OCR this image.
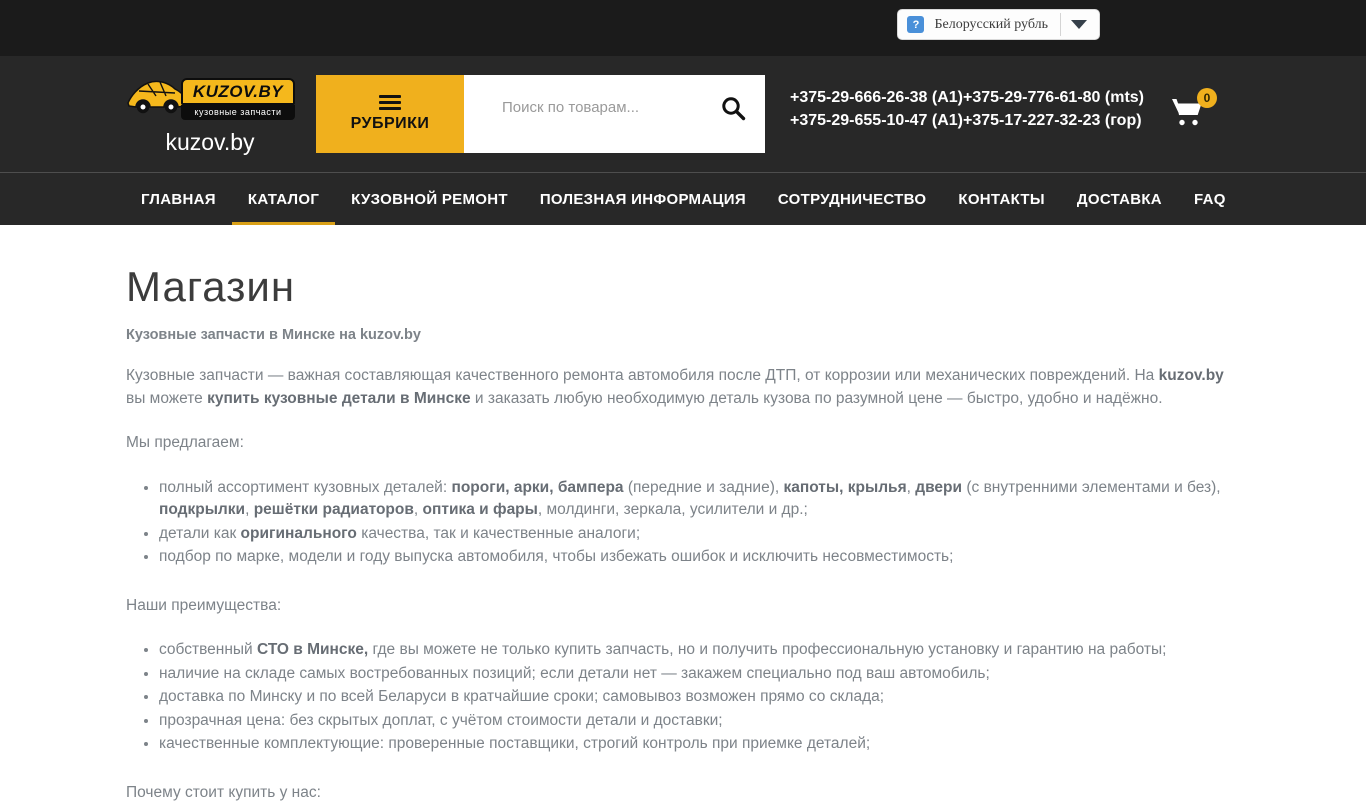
?	Белорусский рубль
KUZOV.BY
кузовные запчасти
kuzov.by
РУБРИКИ
Поиск по товарам...
+375-29-666-26-38 (А1) +375-29-776-61-80 (mts)
+375-29-655-10-47 (А1) +375-17-227-32-23 (гор)
0
ГЛАВНАЯ	КАТАЛОГ	КУЗОВНОЙ РЕМОНТ	ПОЛЕЗНАЯ ИНФОРМАЦИЯ	СОТРУДНИЧЕСТВО	КОНТАКТЫ	ДОСТАВКА	FAQ
Магазин
Кузовные запчасти в Минске на kuzov.by

Кузовные запчасти — важная составляющая качественного ремонта автомобиля после ДТП, от коррозии или механических повреждений. На kuzov.by вы можете купить кузовные детали в Минске и заказать любую необходимую деталь кузова по разумной цене — быстро, удобно и надёжно.

Мы предлагаем:

• полный ассортимент кузовных деталей: пороги, арки, бампера (передние и задние), капоты, крылья, двери (с внутренними элементами и без), подкрылки, решётки радиаторов, оптика и фары, молдинги, зеркала, усилители и др.;
• детали как оригинального качества, так и качественные аналоги;
• подбор по марке, модели и году выпуска автомобиля, чтобы избежать ошибок и исключить несовместимость;

Наши преимущества:

• собственный СТО в Минске, где вы можете не только купить запчасть, но и получить профессиональную установку и гарантию на работы;
• наличие на складе самых востребованных позиций; если детали нет — закажем специально под ваш автомобиль;
• доставка по Минску и по всей Беларуси в кратчайшие сроки; самовывоз возможен прямо со склада;
• прозрачная цена: без скрытых доплат, с учётом стоимости детали и доставки;
• качественные комплектующие: проверенные поставщики, строгий контроль при приемке деталей;

Почему стоит купить у нас:
